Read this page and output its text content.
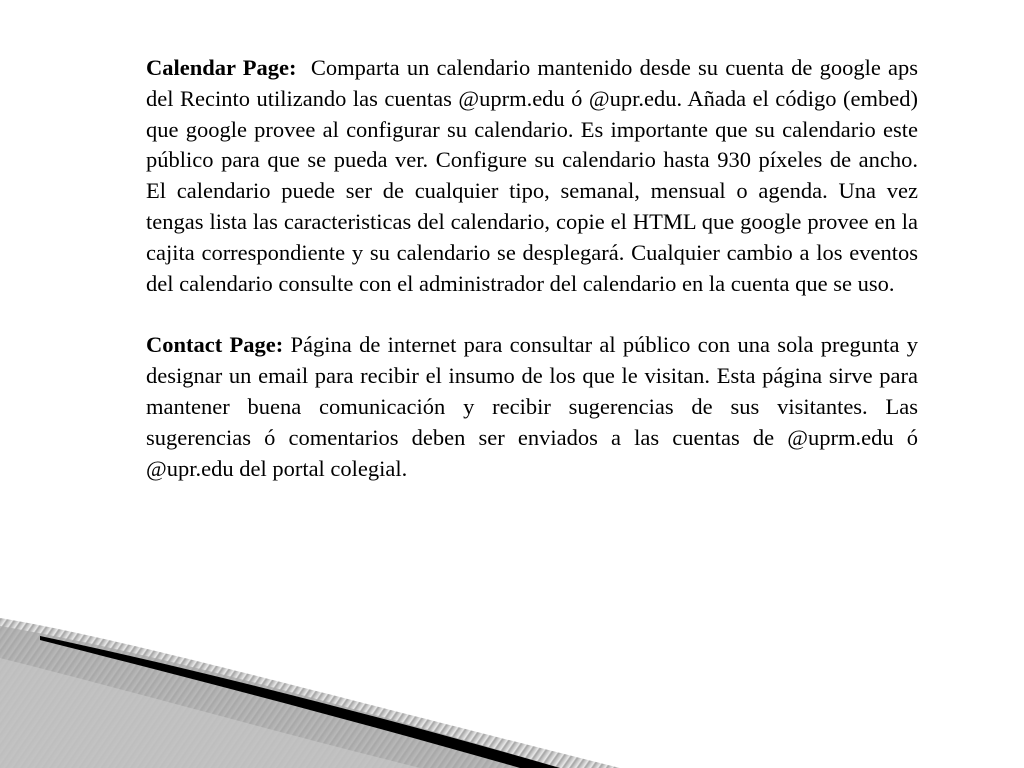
Calendar Page: Comparta un calendario mantenido desde su cuenta de google aps del Recinto utilizando las cuentas @uprm.edu ó @upr.edu. Añada el código (embed) que google provee al configurar su calendario. Es importante que su calendario este público para que se pueda ver. Configure su calendario hasta 930 píxeles de ancho. El calendario puede ser de cualquier tipo, semanal, mensual o agenda. Una vez tengas lista las caracteristicas del calendario, copie el HTML que google provee en la cajita correspondiente y su calendario se desplegará. Cualquier cambio a los eventos del calendario consulte con el administrador del calendario en la cuenta que se uso.

Contact Page: Página de internet para consultar al público con una sola pregunta y designar un email para recibir el insumo de los que le visitan. Esta página sirve para mantener buena comunicación y recibir sugerencias de sus visitantes. Las sugerencias ó comentarios deben ser enviados a las cuentas de @uprm.edu ó @upr.edu del portal colegial.
